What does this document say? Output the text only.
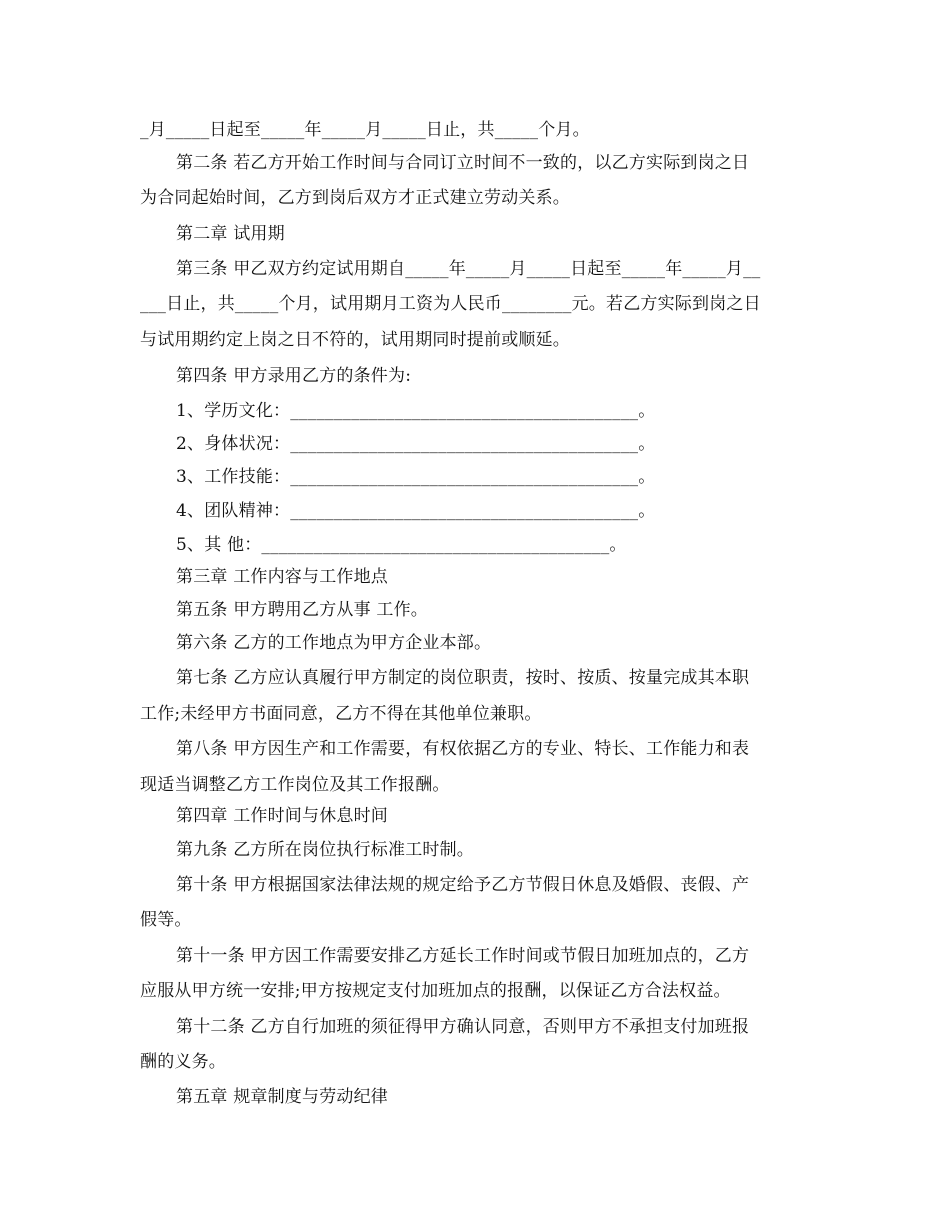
_月_____日起至_____年_____月_____日止，共_____个月。
第二条 若乙方开始工作时间与合同订立时间不一致的，以乙方实际到岗之日
为合同起始时间，乙方到岗后双方才正式建立劳动关系。
第二章 试用期
第三条 甲乙双方约定试用期自_____年_____月_____日起至_____年_____月__
___日止，共_____个月，试用期月工资为人民币________元。若乙方实际到岗之日
与试用期约定上岗之日不符的，试用期同时提前或顺延。
第四条 甲方录用乙方的条件为:
1、学历文化：________________________________________。
2、身体状况：________________________________________。
3、工作技能：________________________________________。
4、团队精神：________________________________________。
5、其 他：________________________________________。
第三章 工作内容与工作地点
第五条 甲方聘用乙方从事 工作。
第六条 乙方的工作地点为甲方企业本部。
第七条 乙方应认真履行甲方制定的岗位职责，按时、按质、按量完成其本职
工作;未经甲方书面同意，乙方不得在其他单位兼职。
第八条 甲方因生产和工作需要，有权依据乙方的专业、特长、工作能力和表
现适当调整乙方工作岗位及其工作报酬。
第四章 工作时间与休息时间
第九条 乙方所在岗位执行标准工时制。
第十条 甲方根据国家法律法规的规定给予乙方节假日休息及婚假、丧假、产
假等。
第十一条 甲方因工作需要安排乙方延长工作时间或节假日加班加点的，乙方
应服从甲方统一安排;甲方按规定支付加班加点的报酬，以保证乙方合法权益。
第十二条 乙方自行加班的须征得甲方确认同意，否则甲方不承担支付加班报
酬的义务。
第五章 规章制度与劳动纪律
